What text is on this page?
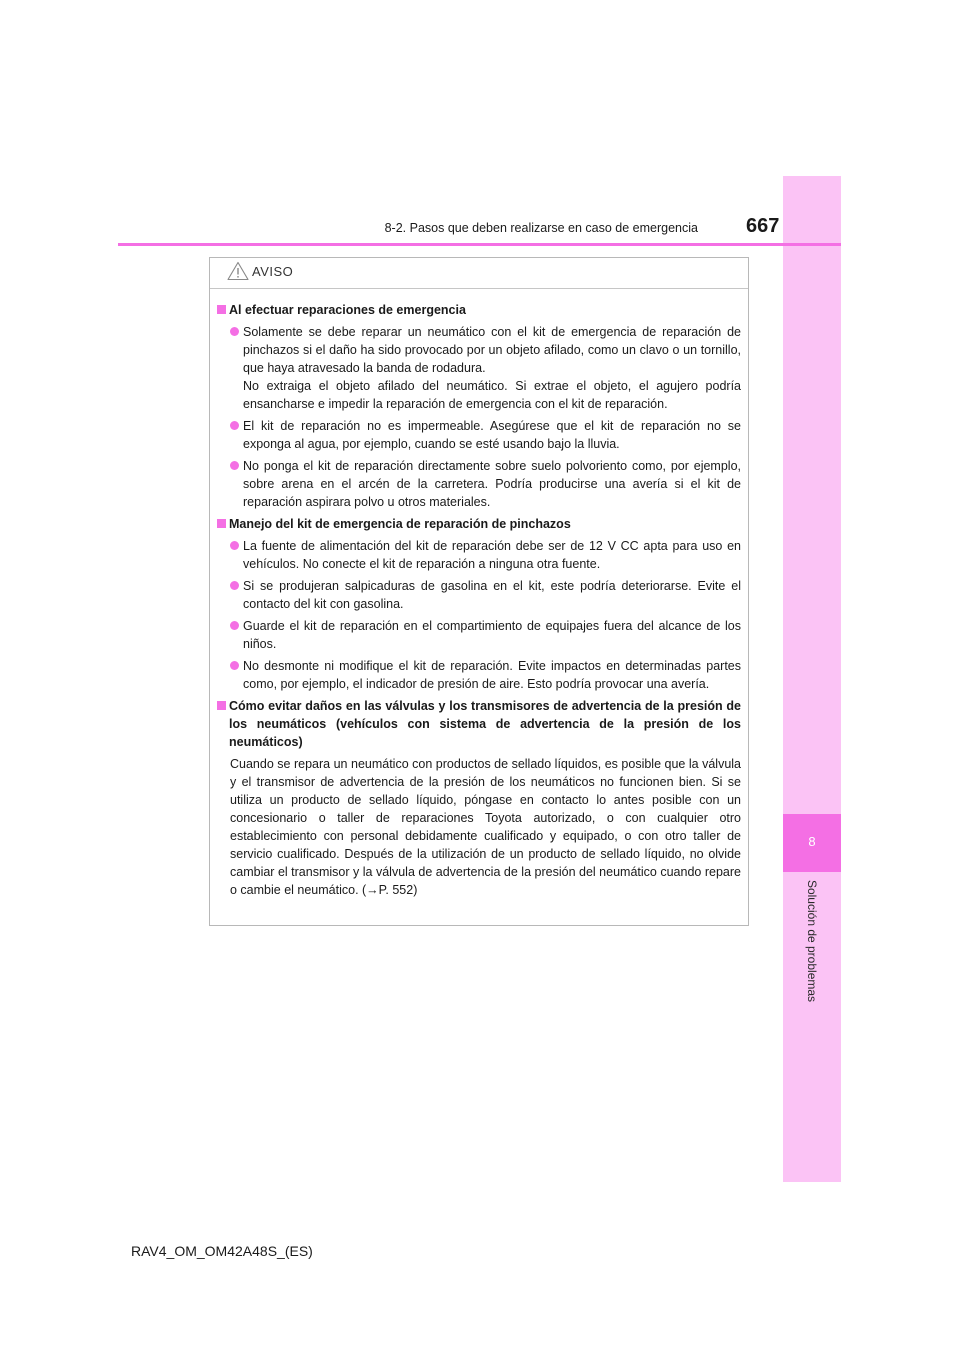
8
Solución de problemas
8-2. Pasos que deben realizarse en caso de emergencia 667
AVISO
Al efectuar reparaciones de emergencia
Solamente se debe reparar un neumático con el kit de emergencia de reparación de pinchazos si el daño ha sido provocado por un objeto afilado, como un clavo o un tornillo, que haya atravesado la banda de rodadura.
No extraiga el objeto afilado del neumático. Si extrae el objeto, el agujero podría ensancharse e impedir la reparación de emergencia con el kit de reparación.
El kit de reparación no es impermeable. Asegúrese que el kit de reparación no se exponga al agua, por ejemplo, cuando se esté usando bajo la lluvia.
No ponga el kit de reparación directamente sobre suelo polvoriento como, por ejemplo, sobre arena en el arcén de la carretera. Podría producirse una avería si el kit de reparación aspirara polvo u otros materiales.
Manejo del kit de emergencia de reparación de pinchazos
La fuente de alimentación del kit de reparación debe ser de 12 V CC apta para uso en vehículos. No conecte el kit de reparación a ninguna otra fuente.
Si se produjeran salpicaduras de gasolina en el kit, este podría deteriorarse. Evite el contacto del kit con gasolina.
Guarde el kit de reparación en el compartimiento de equipajes fuera del alcance de los niños.
No desmonte ni modifique el kit de reparación. Evite impactos en determinadas partes como, por ejemplo, el indicador de presión de aire. Esto podría provocar una avería.
Cómo evitar daños en las válvulas y los transmisores de advertencia de la presión de los neumáticos (vehículos con sistema de advertencia de la presión de los neumáticos)
Cuando se repara un neumático con productos de sellado líquidos, es posible que la válvula y el transmisor de advertencia de la presión de los neumáticos no funcionen bien. Si se utiliza un producto de sellado líquido, póngase en contacto lo antes posible con un concesionario o taller de reparaciones Toyota autorizado, o con cualquier otro establecimiento con personal debidamente cualificado y equipado, o con otro taller de servicio cualificado. Después de la utilización de un producto de sellado líquido, no olvide cambiar el transmisor y la válvula de advertencia de la presión del neumático cuando repare o cambie el neumático. (→P. 552)
RAV4_OM_OM42A48S_(ES)
